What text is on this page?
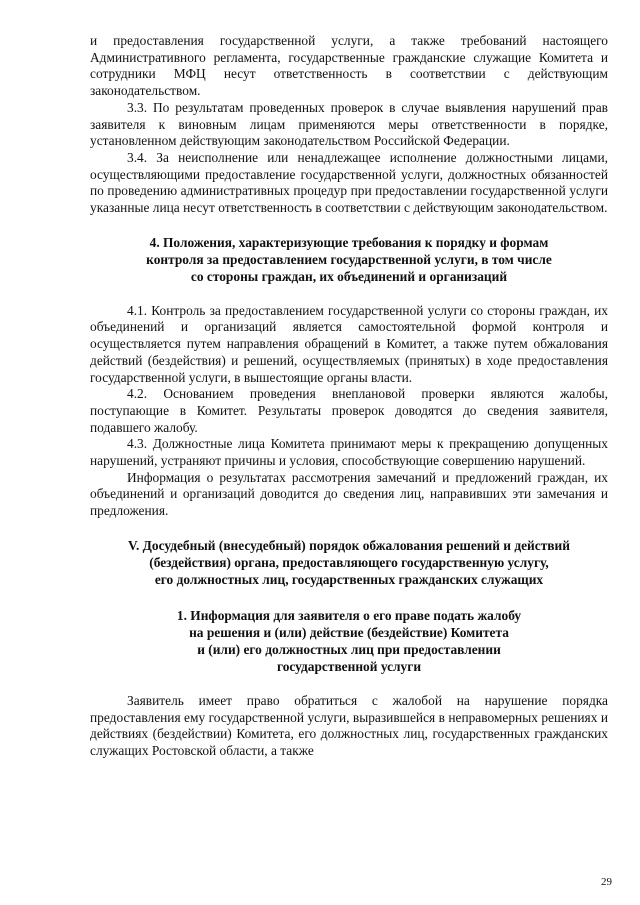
и предоставления государственной услуги, а также требований настоящего Административного регламента, государственные гражданские служащие Комитета и сотрудники МФЦ несут ответственность в соответствии с действующим законодательством.

3.3. По результатам проведенных проверок в случае выявления нарушений прав заявителя к виновным лицам применяются меры ответственности в порядке, установленном действующим законодательством Российской Федерации.

3.4. За неисполнение или ненадлежащее исполнение должностными лицами, осуществляющими предоставление государственной услуги, должностных обязанностей по проведению административных процедур при предоставлении государственной услуги указанные лица несут ответственность в соответствии с действующим законодательством.

4. Положения, характеризующие требования к порядку и формам
контроля за предоставлением государственной услуги, в том числе
со стороны граждан, их объединений и организаций

4.1. Контроль за предоставлением государственной услуги со стороны граждан, их объединений и организаций является самостоятельной формой контроля и осуществляется путем направления обращений в Комитет, а также путем обжалования действий (бездействия) и решений, осуществляемых (принятых) в ходе предоставления государственной услуги, в вышестоящие органы власти.

4.2. Основанием проведения внеплановой проверки являются жалобы, поступающие в Комитет. Результаты проверок доводятся до сведения заявителя, подавшего жалобу.

4.3. Должностные лица Комитета принимают меры к прекращению допущенных нарушений, устраняют причины и условия, способствующие совершению нарушений.

Информация о результатах рассмотрения замечаний и предложений граждан, их объединений и организаций доводится до сведения лиц, направивших эти замечания и предложения.

V. Досудебный (внесудебный) порядок обжалования решений и действий
(бездействия) органа, предоставляющего государственную услугу,
его должностных лиц, государственных гражданских служащих
1. Информация для заявителя о его праве подать жалобу
на решения и (или) действие (бездействие) Комитета
и (или) его должностных лиц при предоставлении
государственной услуги

Заявитель имеет право обратиться с жалобой на нарушение порядка предоставления ему государственной услуги, выразившейся в неправомерных решениях и действиях (бездействии) Комитета, его должностных лиц, государственных гражданских служащих Ростовской области, а также

29
